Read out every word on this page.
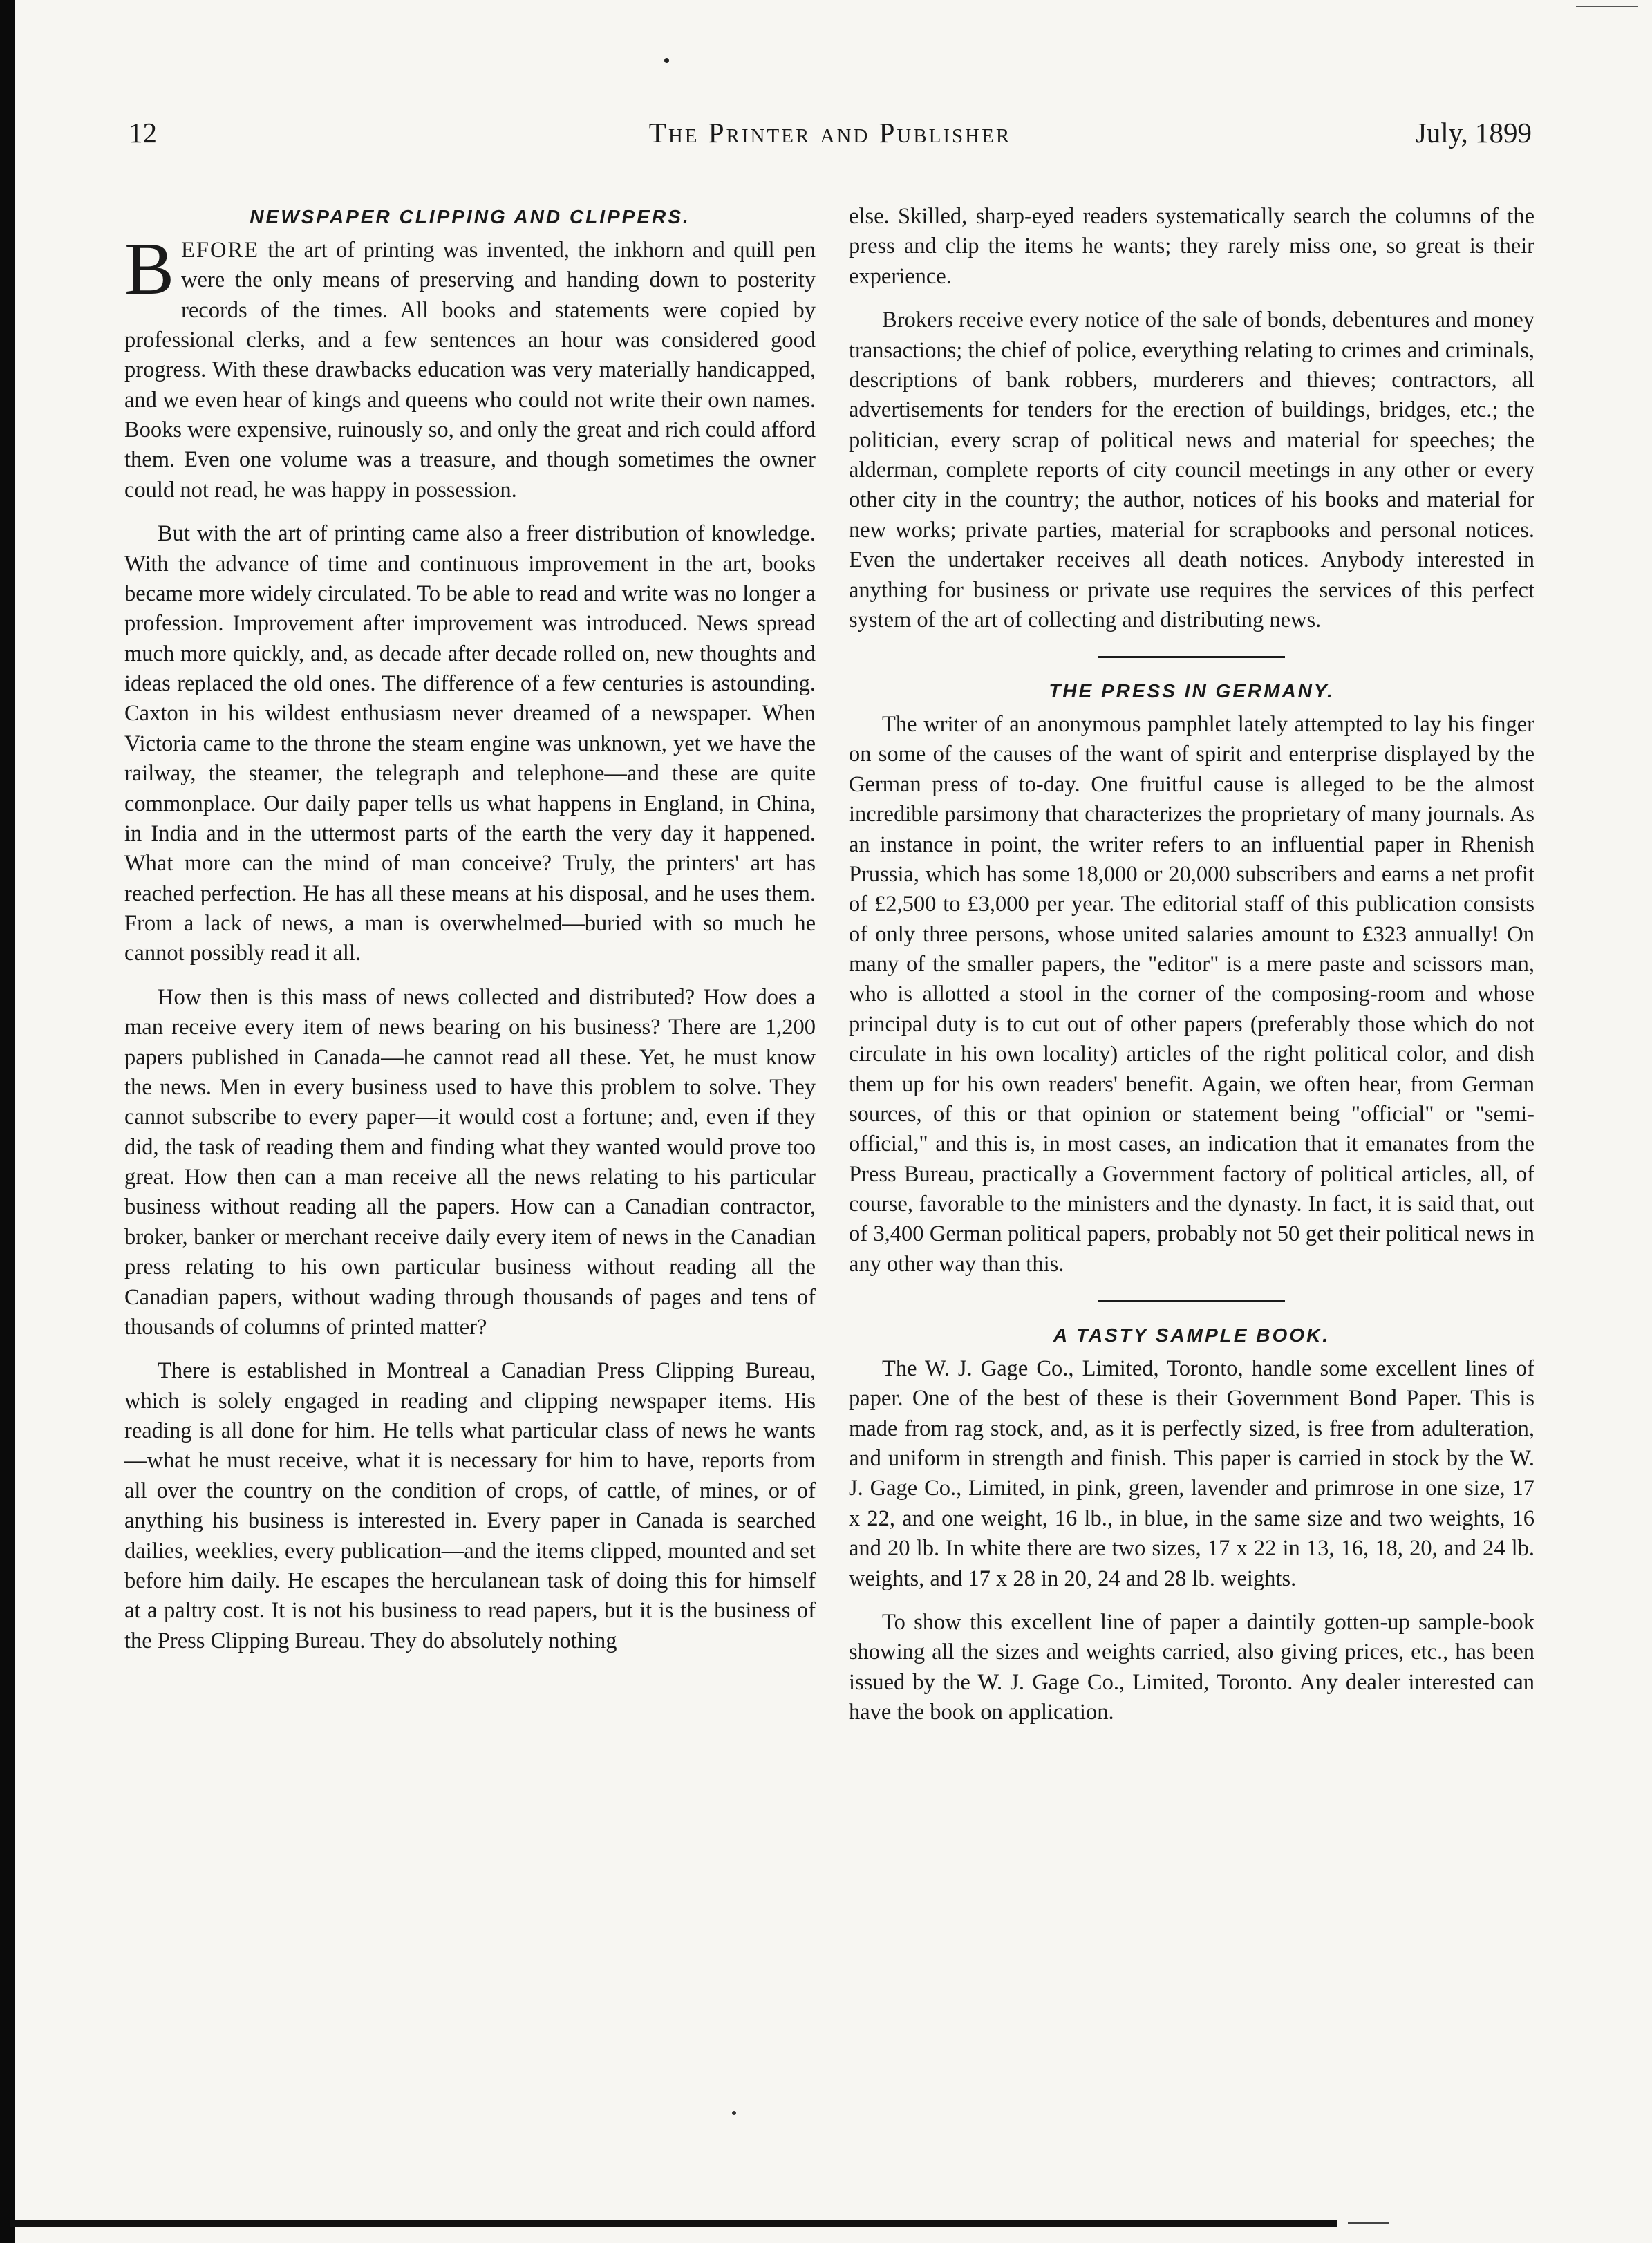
12	The Printer and Publisher	July, 1899
NEWSPAPER CLIPPING AND CLIPPERS.

BEFORE the art of printing was invented, the inkhorn and quill pen were the only means of preserving and handing down to posterity records of the times. All books and statements were copied by professional clerks, and a few sentences an hour was considered good progress. With these drawbacks education was very materially handicapped, and we even hear of kings and queens who could not write their own names. Books were expensive, ruinously so, and only the great and rich could afford them. Even one volume was a treasure, and though sometimes the owner could not read, he was happy in possession.

But with the art of printing came also a freer distribution of knowledge. With the advance of time and continuous improvement in the art, books became more widely circulated. To be able to read and write was no longer a profession. Improvement after improvement was introduced. News spread much more quickly, and, as decade after decade rolled on, new thoughts and ideas replaced the old ones. The difference of a few centuries is astounding. Caxton in his wildest enthusiasm never dreamed of a newspaper. When Victoria came to the throne the steam engine was unknown, yet we have the railway, the steamer, the telegraph and telephone—and these are quite commonplace. Our daily paper tells us what happens in England, in China, in India and in the uttermost parts of the earth the very day it happened. What more can the mind of man conceive? Truly, the printers' art has reached perfection. He has all these means at his disposal, and he uses them. From a lack of news, a man is overwhelmed—buried with so much he cannot possibly read it all.

How then is this mass of news collected and distributed? How does a man receive every item of news bearing on his business? There are 1,200 papers published in Canada—he cannot read all these. Yet, he must know the news. Men in every business used to have this problem to solve. They cannot subscribe to every paper—it would cost a fortune; and, even if they did, the task of reading them and finding what they wanted would prove too great. How then can a man receive all the news relating to his particular business without reading all the papers. How can a Canadian contractor, broker, banker or merchant receive daily every item of news in the Canadian press relating to his own particular business without reading all the Canadian papers, without wading through thousands of pages and tens of thousands of columns of printed matter?

There is established in Montreal a Canadian Press Clipping Bureau, which is solely engaged in reading and clipping newspaper items. His reading is all done for him. He tells what particular class of news he wants—what he must receive, what it is necessary for him to have, reports from all over the country on the condition of crops, of cattle, of mines, or of anything his business is interested in. Every paper in Canada is searched dailies, weeklies, every publication—and the items clipped, mounted and set before him daily. He escapes the herculanean task of doing this for himself at a paltry cost. It is not his business to read papers, but it is the business of the Press Clipping Bureau. They do absolutely nothing

else. Skilled, sharp-eyed readers systematically search the columns of the press and clip the items he wants; they rarely miss one, so great is their experience.

Brokers receive every notice of the sale of bonds, debentures and money transactions; the chief of police, everything relating to crimes and criminals, descriptions of bank robbers, murderers and thieves; contractors, all advertisements for tenders for the erection of buildings, bridges, etc.; the politician, every scrap of political news and material for speeches; the alderman, complete reports of city council meetings in any other or every other city in the country; the author, notices of his books and material for new works; private parties, material for scrapbooks and personal notices. Even the undertaker receives all death notices. Anybody interested in anything for business or private use requires the services of this perfect system of the art of collecting and distributing news.

THE PRESS IN GERMANY.

The writer of an anonymous pamphlet lately attempted to lay his finger on some of the causes of the want of spirit and enterprise displayed by the German press of to-day. One fruitful cause is alleged to be the almost incredible parsimony that characterizes the proprietary of many journals. As an instance in point, the writer refers to an influential paper in Rhenish Prussia, which has some 18,000 or 20,000 subscribers and earns a net profit of £2,500 to £3,000 per year. The editorial staff of this publication consists of only three persons, whose united salaries amount to £323 annually! On many of the smaller papers, the "editor" is a mere paste and scissors man, who is allotted a stool in the corner of the composing-room and whose principal duty is to cut out of other papers (preferably those which do not circulate in his own locality) articles of the right political color, and dish them up for his own readers' benefit. Again, we often hear, from German sources, of this or that opinion or statement being "official" or "semi-official," and this is, in most cases, an indication that it emanates from the Press Bureau, practically a Government factory of political articles, all, of course, favorable to the ministers and the dynasty. In fact, it is said that, out of 3,400 German political papers, probably not 50 get their political news in any other way than this.

A TASTY SAMPLE BOOK.

The W. J. Gage Co., Limited, Toronto, handle some excellent lines of paper. One of the best of these is their Government Bond Paper. This is made from rag stock, and, as it is perfectly sized, is free from adulteration, and uniform in strength and finish. This paper is carried in stock by the W. J. Gage Co., Limited, in pink, green, lavender and primrose in one size, 17 x 22, and one weight, 16 lb., in blue, in the same size and two weights, 16 and 20 lb. In white there are two sizes, 17 x 22 in 13, 16, 18, 20, and 24 lb. weights, and 17 x 28 in 20, 24 and 28 lb. weights.

To show this excellent line of paper a daintily gotten-up sample-book showing all the sizes and weights carried, also giving prices, etc., has been issued by the W. J. Gage Co., Limited, Toronto. Any dealer interested can have the book on application.
